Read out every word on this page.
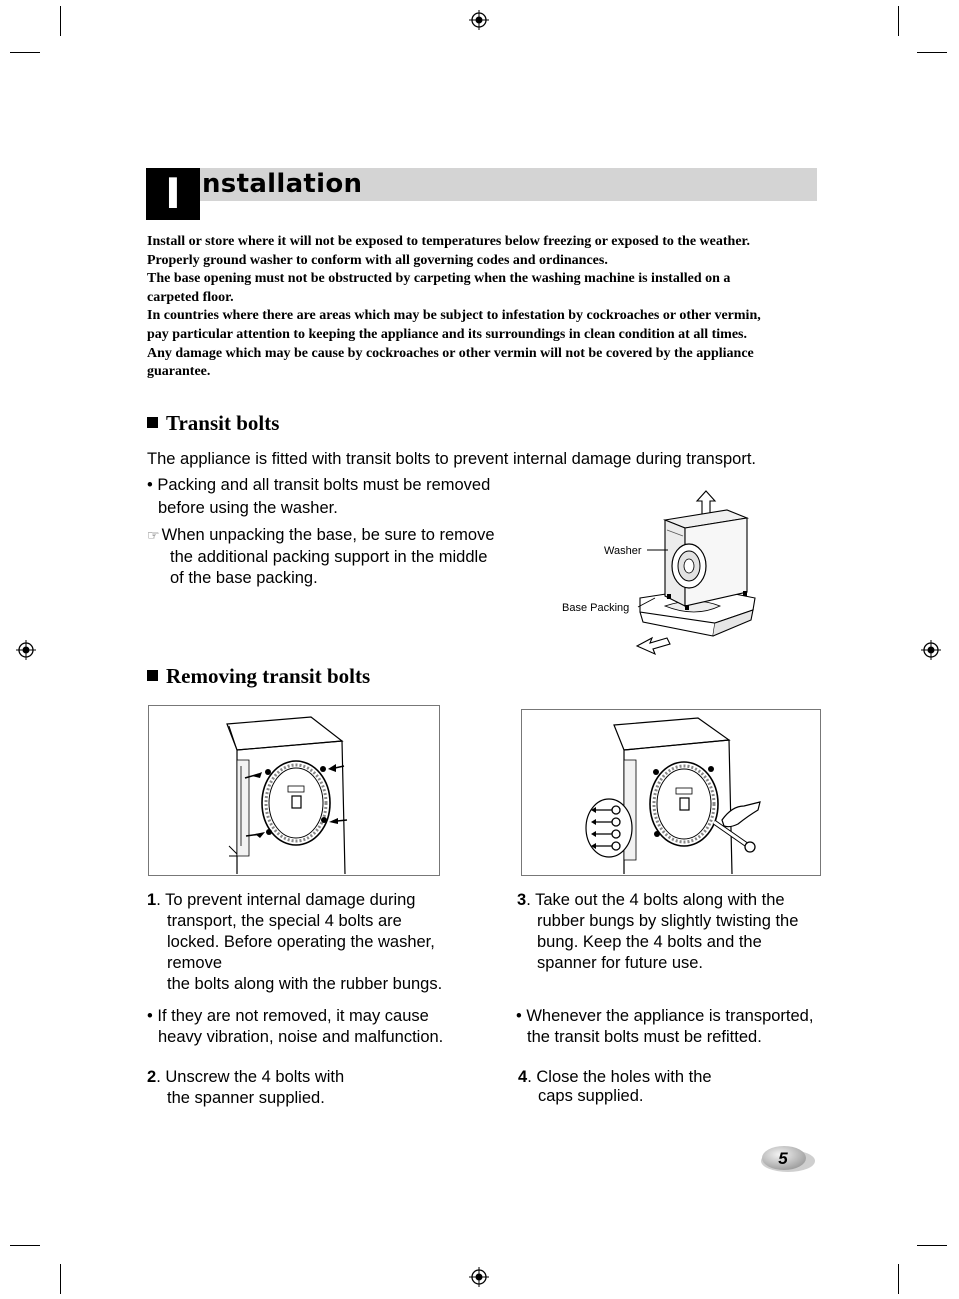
I nstallation

Install or store where it will not be exposed to temperatures below freezing or exposed to the weather.

Properly ground washer to conform with all governing codes and ordinances.

The base opening must not be obstructed by carpeting when the washing machine is installed on a

carpeted floor.

In countries where there are areas which may be subject to infestation by cockroaches or other vermin,

pay particular attention to keeping the appliance and its surroundings in clean condition at all times.

Any damage which may be cause by cockroaches or other vermin will not be covered by the appliance

guarantee.

Transit bolts
The appliance is fitted with transit bolts to prevent internal damage during transport.
• Packing and all transit bolts must be removed
before using the washer.
☞ When unpacking the base, be sure to remove
the additional packing support in the middle
of the base packing.
Washer
Base Packing
Removing transit bolts
1. To prevent internal damage during
transport, the special 4 bolts are
locked. Before operating the washer,
remove
the bolts along with the rubber bungs.
• If they are not removed, it may cause
heavy vibration, noise and malfunction.
2. Unscrew the 4 bolts with
the spanner supplied.
3. Take out the 4 bolts along with the
rubber bungs by slightly twisting the
bung. Keep the 4 bolts and the
spanner for future use.
• Whenever the appliance is transported,
the transit bolts must be refitted.
4. Close the holes with the
caps supplied.
5
